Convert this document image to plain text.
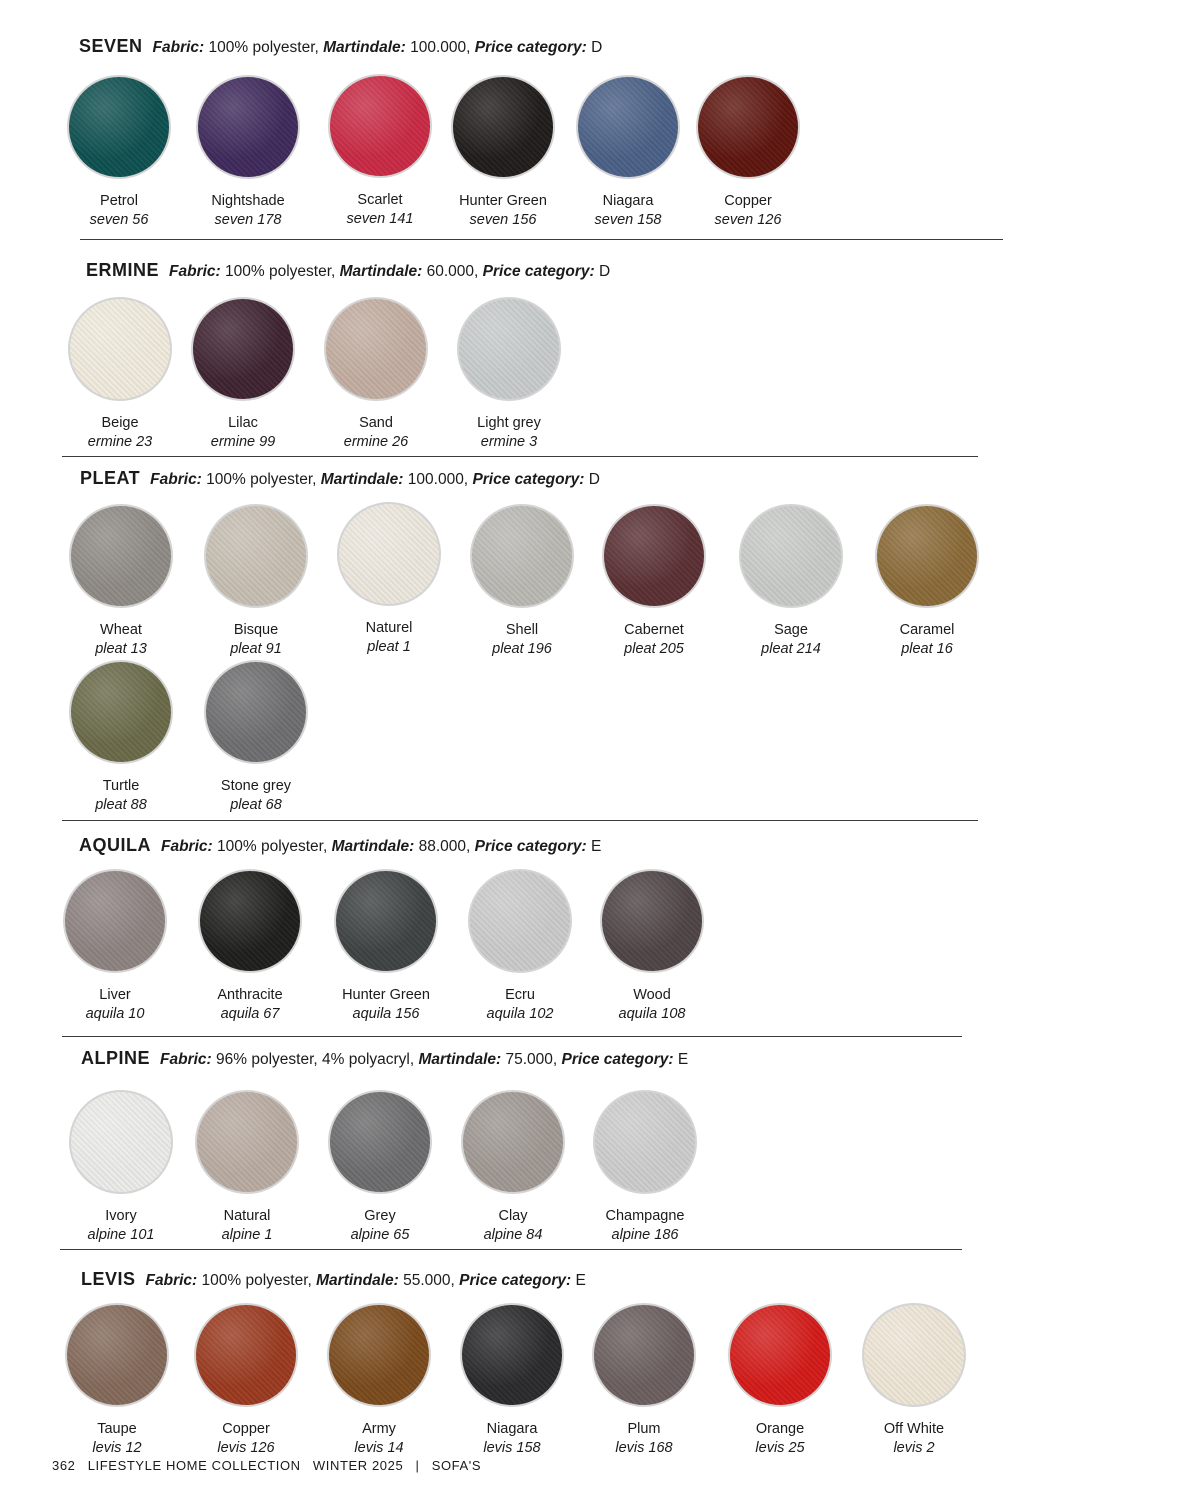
SEVEN Fabric: 100% polyester, Martindale: 100.000, Price category: D
Petrol
seven 56
Nightshade
seven 178
Scarlet
seven 141
Hunter Green
seven 156
Niagara
seven 158
Copper
seven 126
ERMINE Fabric: 100% polyester, Martindale: 60.000, Price category: D
Beige
ermine 23
Lilac
ermine 99
Sand
ermine 26
Light grey
ermine 3
PLEAT Fabric: 100% polyester, Martindale: 100.000, Price category: D
Wheat
pleat 13
Bisque
pleat 91
Naturel
pleat 1
Shell
pleat 196
Cabernet
pleat 205
Sage
pleat 214
Caramel
pleat 16
Turtle
pleat 88
Stone grey
pleat 68
AQUILA Fabric: 100% polyester, Martindale: 88.000, Price category: E
Liver
aquila 10
Anthracite
aquila 67
Hunter Green
aquila 156
Ecru
aquila 102
Wood
aquila 108
ALPINE Fabric: 96% polyester, 4% polyacryl, Martindale: 75.000, Price category: E
Ivory
alpine 101
Natural
alpine 1
Grey
alpine 65
Clay
alpine 84
Champagne
alpine 186
LEVIS Fabric: 100% polyester, Martindale: 55.000, Price category: E
Taupe
levis 12
Copper
levis 126
Army
levis 14
Niagara
levis 158
Plum
levis 168
Orange
levis 25
Off White
levis 2
362 LIFESTYLE HOME COLLECTION WINTER 2025 | SOFA'S
